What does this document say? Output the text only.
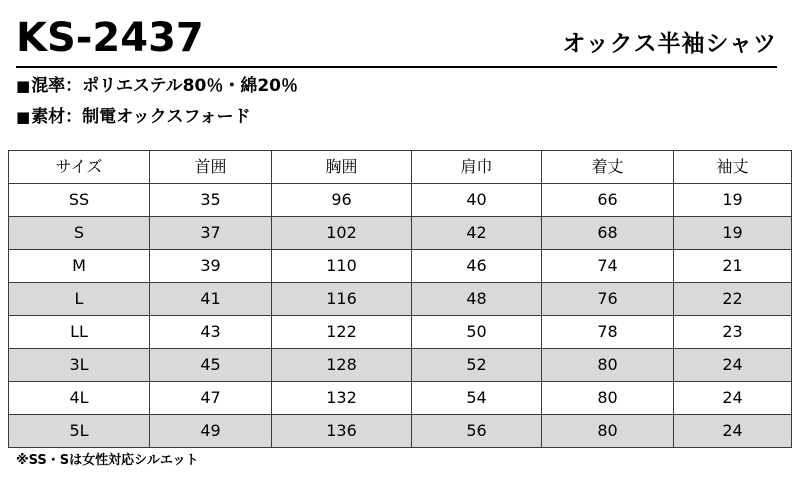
KS-2437	オックス半袖シャツ
■混率：ポリエステル80％・綿20％
■素材：制電オックスフォード
サイズ	首囲	胸囲	肩巾	着丈	袖丈
SS	35	96	40	66	19
S	37	102	42	68	19
M	39	110	46	74	21
L	41	116	48	76	22
LL	43	122	50	78	23
3L	45	128	52	80	24
4L	47	132	54	80	24
5L	49	136	56	80	24
※SS・Sは女性対応シルエット
